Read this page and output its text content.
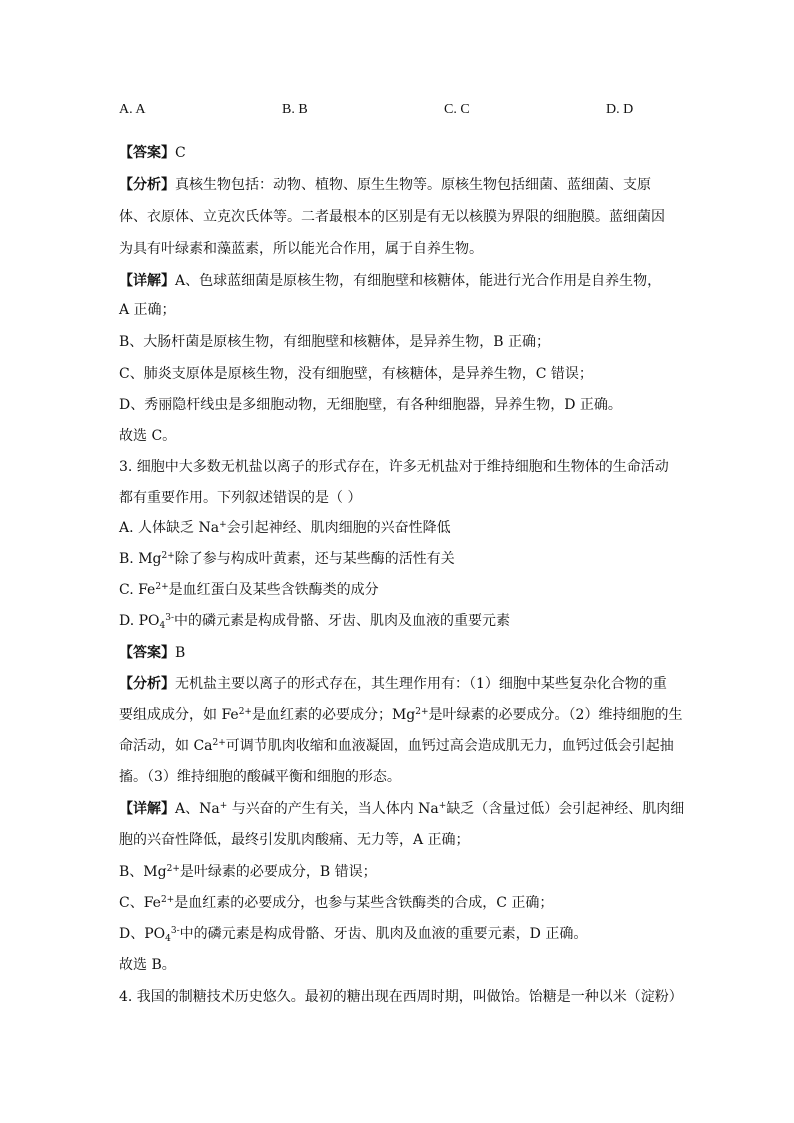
A. A	B. B	C. C	D. D
【答案】C
【分析】真核生物包括：动物、植物、原生生物等。原核生物包括细菌、蓝细菌、支原
体、衣原体、立克次氏体等。二者最根本的区别是有无以核膜为界限的细胞膜。蓝细菌因
为具有叶绿素和藻蓝素，所以能光合作用，属于自养生物。
【详解】A、色球蓝细菌是原核生物，有细胞壁和核糖体，能进行光合作用是自养生物，
A 正确；
B、大肠杆菌是原核生物，有细胞壁和核糖体，是异养生物，B 正确；
C、肺炎支原体是原核生物，没有细胞壁，有核糖体，是异养生物，C 错误；
D、秀丽隐杆线虫是多细胞动物，无细胞壁，有各种细胞器，异养生物，D 正确。
故选 C。
3. 细胞中大多数无机盐以离子的形式存在，许多无机盐对于维持细胞和生物体的生命活动
都有重要作用。下列叙述错误的是（ ）
A. 人体缺乏 Na+会引起神经、肌肉细胞的兴奋性降低
B. $Mg^{2+}$除了参与构成叶黄素，还与某些酶的活性有关
C. $Fe^{2+}$是血红蛋白及某些含铁酶类的成分
D. $PO_4^{3-}$中的磷元素是构成骨骼、牙齿、肌肉及血液的重要元素
【答案】B
【分析】无机盐主要以离子的形式存在，其生理作用有：（1）细胞中某些复杂化合物的重
要组成成分，如 $Fe^{2+}$是血红素的必要成分；$Mg^{2+}$是叶绿素的必要成分。（2）维持细胞的生
命活动，如 $Ca^{2+}$可调节肌肉收缩和血液凝固，血钙过高会造成肌无力，血钙过低会引起抽
搐。（3）维持细胞的酸碱平衡和细胞的形态。
【详解】A、Na+ 与兴奋的产生有关，当人体内 Na+缺乏（含量过低）会引起神经、肌肉细
胞的兴奋性降低，最终引发肌肉酸痛、无力等，A 正确；
B、$Mg^{2+}$是叶绿素的必要成分，B 错误；
C、$Fe^{2+}$是血红素的必要成分，也参与某些含铁酶类的合成，C 正确；
D、$PO_4^{3-}$中的磷元素是构成骨骼、牙齿、肌肉及血液的重要元素，D 正确。
故选 B。
4. 我国的制糖技术历史悠久。最初的糖出现在西周时期，叫做饴。饴糖是一种以米（淀粉）
